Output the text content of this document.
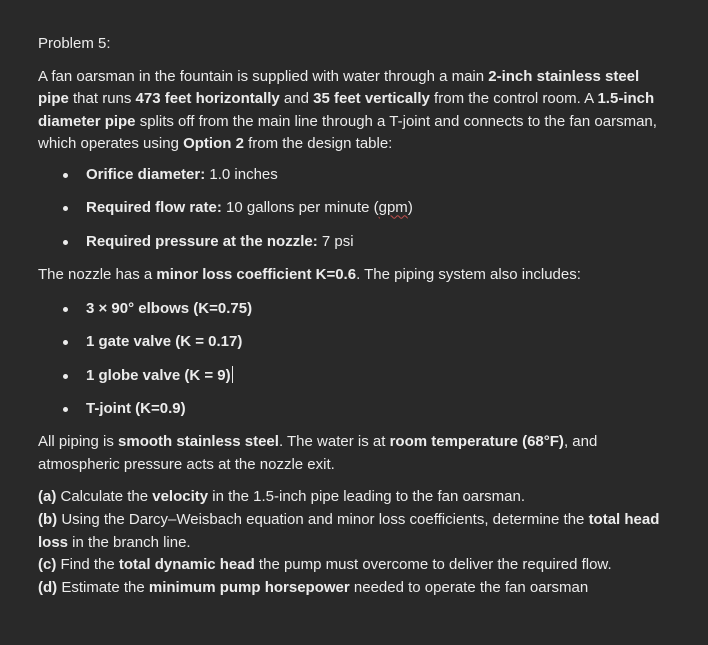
Problem 5:

A fan oarsman in the fountain is supplied with water through a main 2-inch stainless steel pipe that runs 473 feet horizontally and 35 feet vertically from the control room. A 1.5-inch diameter pipe splits off from the main line through a T-joint and connects to the fan oarsman, which operates using Option 2 from the design table:

Orifice diameter: 1.0 inches
Required flow rate: 10 gallons per minute (gpm)
Required pressure at the nozzle: 7 psi

The nozzle has a minor loss coefficient K=0.6. The piping system also includes:

3 × 90° elbows (K=0.75)
1 gate valve (K = 0.17)
1 globe valve (K = 9)
T-joint (K=0.9)

All piping is smooth stainless steel. The water is at room temperature (68°F), and atmospheric pressure acts at the nozzle exit.

(a) Calculate the velocity in the 1.5-inch pipe leading to the fan oarsman.

(b) Using the Darcy–Weisbach equation and minor loss coefficients, determine the total head loss in the branch line.

(c) Find the total dynamic head the pump must overcome to deliver the required flow.

(d) Estimate the minimum pump horsepower needed to operate the fan oarsman
